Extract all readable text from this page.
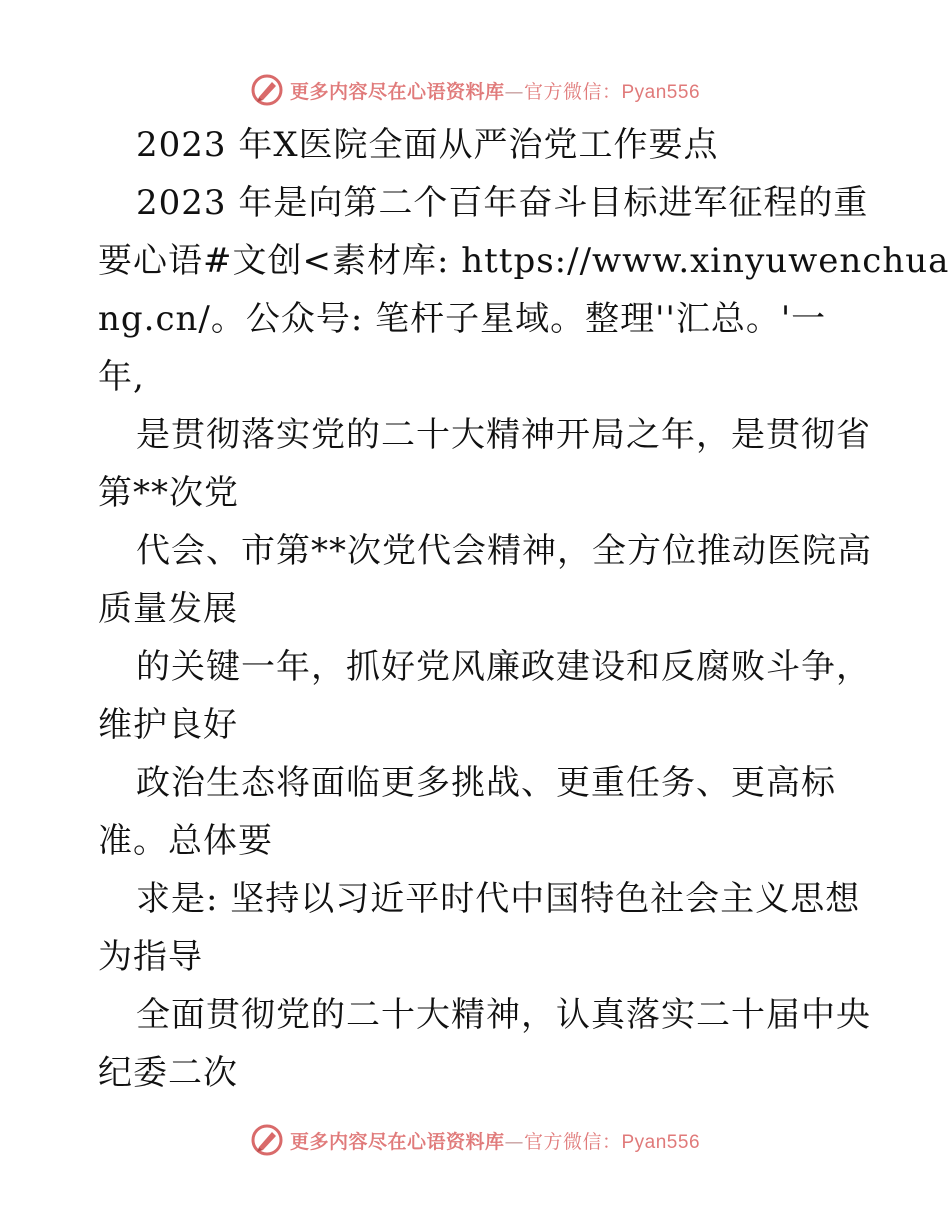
更多内容尽在心语资料库—官方微信：Pyan556
2023 年X医院全面从严治党工作要点
2023 年是向第二个百年奋斗目标进军征程的重
要心语#文创<素材库: https://www.xinyuwenchua
ng.cn/。公众号: 笔杆子星域。整理''汇总。'一
年,
是贯彻落实党的二十大精神开局之年，是贯彻省
第**次党
代会、市第**次党代会精神，全方位推动医院高
质量发展
的关键一年，抓好党风廉政建设和反腐败斗争，
维护良好
政治生态将面临更多挑战、更重任务、更高标
准。总体要
求是: 坚持以习近平时代中国特色社会主义思想
为指导
全面贯彻党的二十大精神，认真落实二十届中央
纪委二次
更多内容尽在心语资料库—官方微信：Pyan556
